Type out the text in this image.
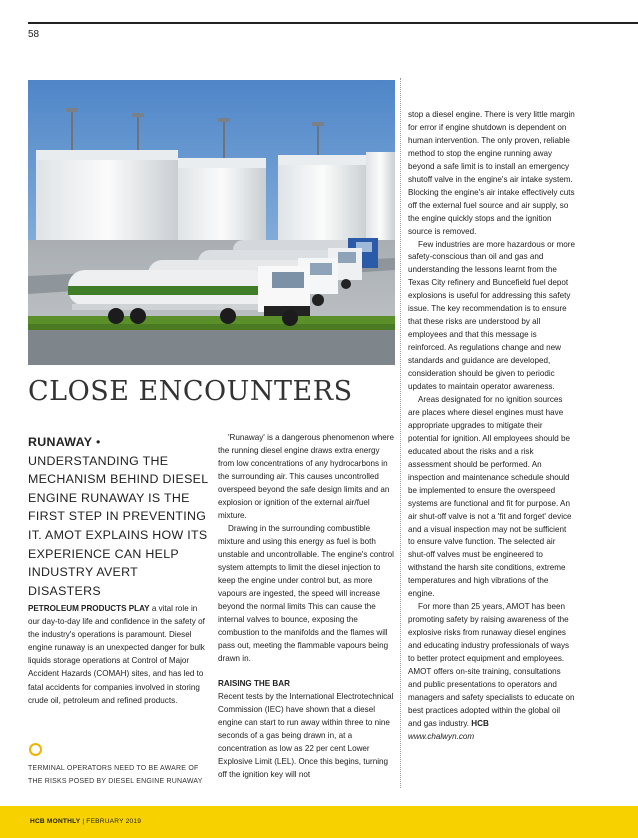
58
CLOSE ENCOUNTERS
RUNAWAY • UNDERSTANDING THE MECHANISM BEHIND DIESEL ENGINE RUNAWAY IS THE FIRST STEP IN PREVENTING IT. AMOT EXPLAINS HOW ITS EXPERIENCE CAN HELP INDUSTRY AVERT DISASTERS
PETROLEUM PRODUCTS PLAY a vital role in our day-to-day life and confidence in the safety of the industry's operations is paramount. Diesel engine runaway is an unexpected danger for bulk liquids storage operations at Control of Major Accident Hazards (COMAH) sites, and has led to fatal accidents for companies involved in storing crude oil, petroleum and refined products.
TERMINAL OPERATORS NEED TO BE AWARE OF THE RISKS POSED BY DIESEL ENGINE RUNAWAY

'Runaway' is a dangerous phenomenon where the running diesel engine draws extra energy from low concentrations of any hydrocarbons in the surrounding air. This causes uncontrolled overspeed beyond the safe design limits and an explosion or ignition of the external air/fuel mixture.

Drawing in the surrounding combustible mixture and using this energy as fuel is both unstable and uncontrollable. The engine's control system attempts to limit the diesel injection to keep the engine under control but, as more vapours are ingested, the speed will increase beyond the normal limits This can cause the internal valves to bounce, exposing the combustion to the manifolds and the flames will pass out, meeting the flammable vapours being drawn in.

RAISING THE BAR

Recent tests by the International Electrotechnical Commission (IEC) have shown that a diesel engine can start to run away within three to nine seconds of a gas being drawn in, at a concentration as low as 22 per cent Lower Explosive Limit (LEL). Once this begins, turning off the ignition key will not

stop a diesel engine. There is very little margin for error if engine shutdown is dependent on human intervention. The only proven, reliable method to stop the engine running away beyond a safe limit is to install an emergency shutoff valve in the engine's air intake system. Blocking the engine's air intake effectively cuts off the external fuel source and air supply, so the engine quickly stops and the ignition source is removed.

Few industries are more hazardous or more safety-conscious than oil and gas and understanding the lessons learnt from the Texas City refinery and Buncefield fuel depot explosions is useful for addressing this safety issue. The key recommendation is to ensure that these risks are understood by all employees and that this message is reinforced. As regulations change and new standards and guidance are developed, consideration should be given to periodic updates to maintain operator awareness.

Areas designated for no ignition sources are places where diesel engines must have appropriate upgrades to mitigate their potential for ignition. All employees should be educated about the risks and a risk assessment should be performed. An inspection and maintenance schedule should be implemented to ensure the overspeed systems are functional and fit for purpose. An air shut-off valve is not a 'fit and forget' device and a visual inspection may not be sufficient to ensure valve function. The selected air shut-off valves must be engineered to withstand the harsh site conditions, extreme temperatures and high vibrations of the engine.

For more than 25 years, AMOT has been promoting safety by raising awareness of the explosive risks from runaway diesel engines and educating industry professionals of ways to better protect equipment and employees. AMOT offers on-site training, consultations and public presentations to operators and managers and safety specialists to educate on best practices adopted within the global oil and gas industry. HCB

www.chalwyn.com

HCB MONTHLY | FEBRUARY 2019
